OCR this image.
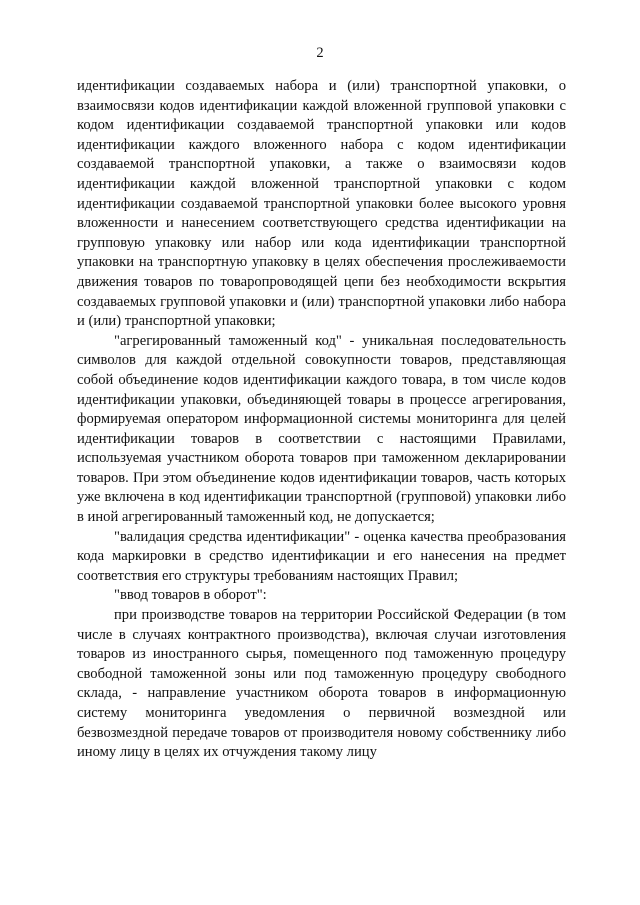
2

идентификации создаваемых набора и (или) транспортной упаковки, о взаимосвязи кодов идентификации каждой вложенной групповой упаковки с кодом идентификации создаваемой транспортной упаковки или кодов идентификации каждого вложенного набора с кодом идентификации создаваемой транспортной упаковки, а также о взаимосвязи кодов идентификации каждой вложенной транспортной упаковки с кодом идентификации создаваемой транспортной упаковки более высокого уровня вложенности и нанесением соответствующего средства идентификации на групповую упаковку или набор или кода идентификации транспортной упаковки на транспортную упаковку в целях обеспечения прослеживаемости движения товаров по товаропроводящей цепи без необходимости вскрытия создаваемых групповой упаковки и (или) транспортной упаковки либо набора и (или) транспортной упаковки;

"агрегированный таможенный код" - уникальная последовательность символов для каждой отдельной совокупности товаров, представляющая собой объединение кодов идентификации каждого товара, в том числе кодов идентификации упаковки, объединяющей товары в процессе агрегирования, формируемая оператором информационной системы мониторинга для целей идентификации товаров в соответствии с настоящими Правилами, используемая участником оборота товаров при таможенном декларировании товаров. При этом объединение кодов идентификации товаров, часть которых уже включена в код идентификации транспортной (групповой) упаковки либо в иной агрегированный таможенный код, не допускается;

"валидация средства идентификации" - оценка качества преобразования кода маркировки в средство идентификации и его нанесения на предмет соответствия его структуры требованиям настоящих Правил;

"ввод товаров в оборот":

при производстве товаров на территории Российской Федерации (в том числе в случаях контрактного производства), включая случаи изготовления товаров из иностранного сырья, помещенного под таможенную процедуру свободной таможенной зоны или под таможенную процедуру свободного склада, - направление участником оборота товаров в информационную систему мониторинга уведомления о первичной возмездной или безвозмездной передаче товаров от производителя новому собственнику либо иному лицу в целях их отчуждения такому лицу
